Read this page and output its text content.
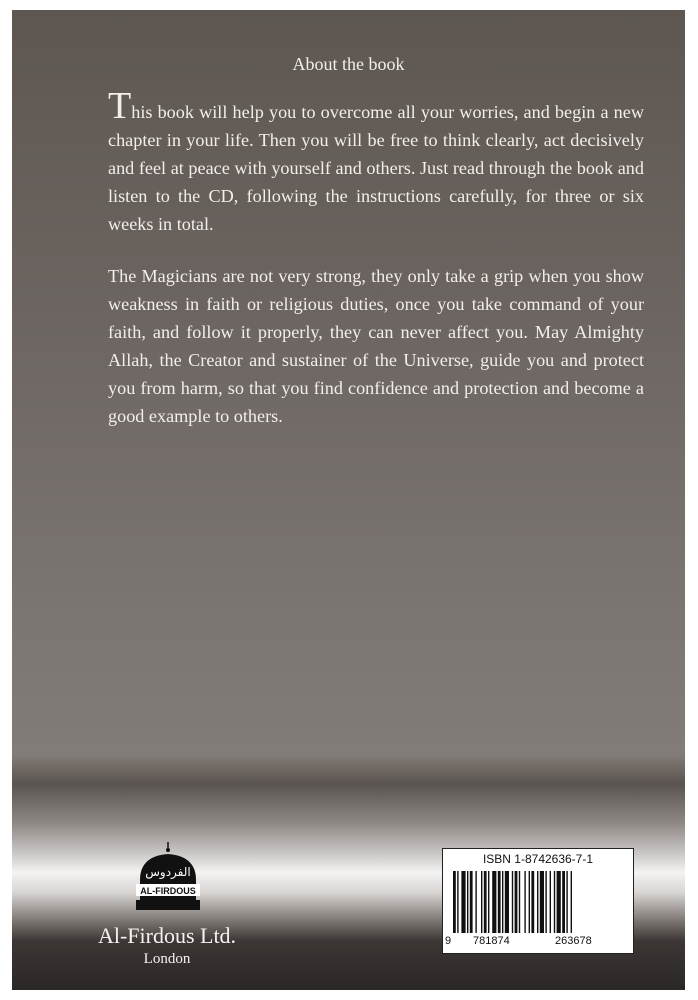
About the book

This book will help you to overcome all your worries, and begin a new chapter in your life. Then you will be free to think clearly, act decisively and feel at peace with yourself and others. Just read through the book and listen to the CD, following the instructions carefully, for three or six weeks in total.

The Magicians are not very strong, they only take a grip when you show weakness in faith or religious duties, once you take command of your faith, and follow it properly, they can never affect you. May Almighty Allah, the Creator and sustainer of the Universe, guide you and protect you from harm, so that you find confidence and protection and become a good example to others.

الفردوس
AL-FIRDOUS
Al-Firdous Ltd.
London
ISBN 1-8742636-7-1
9 781874	263678
